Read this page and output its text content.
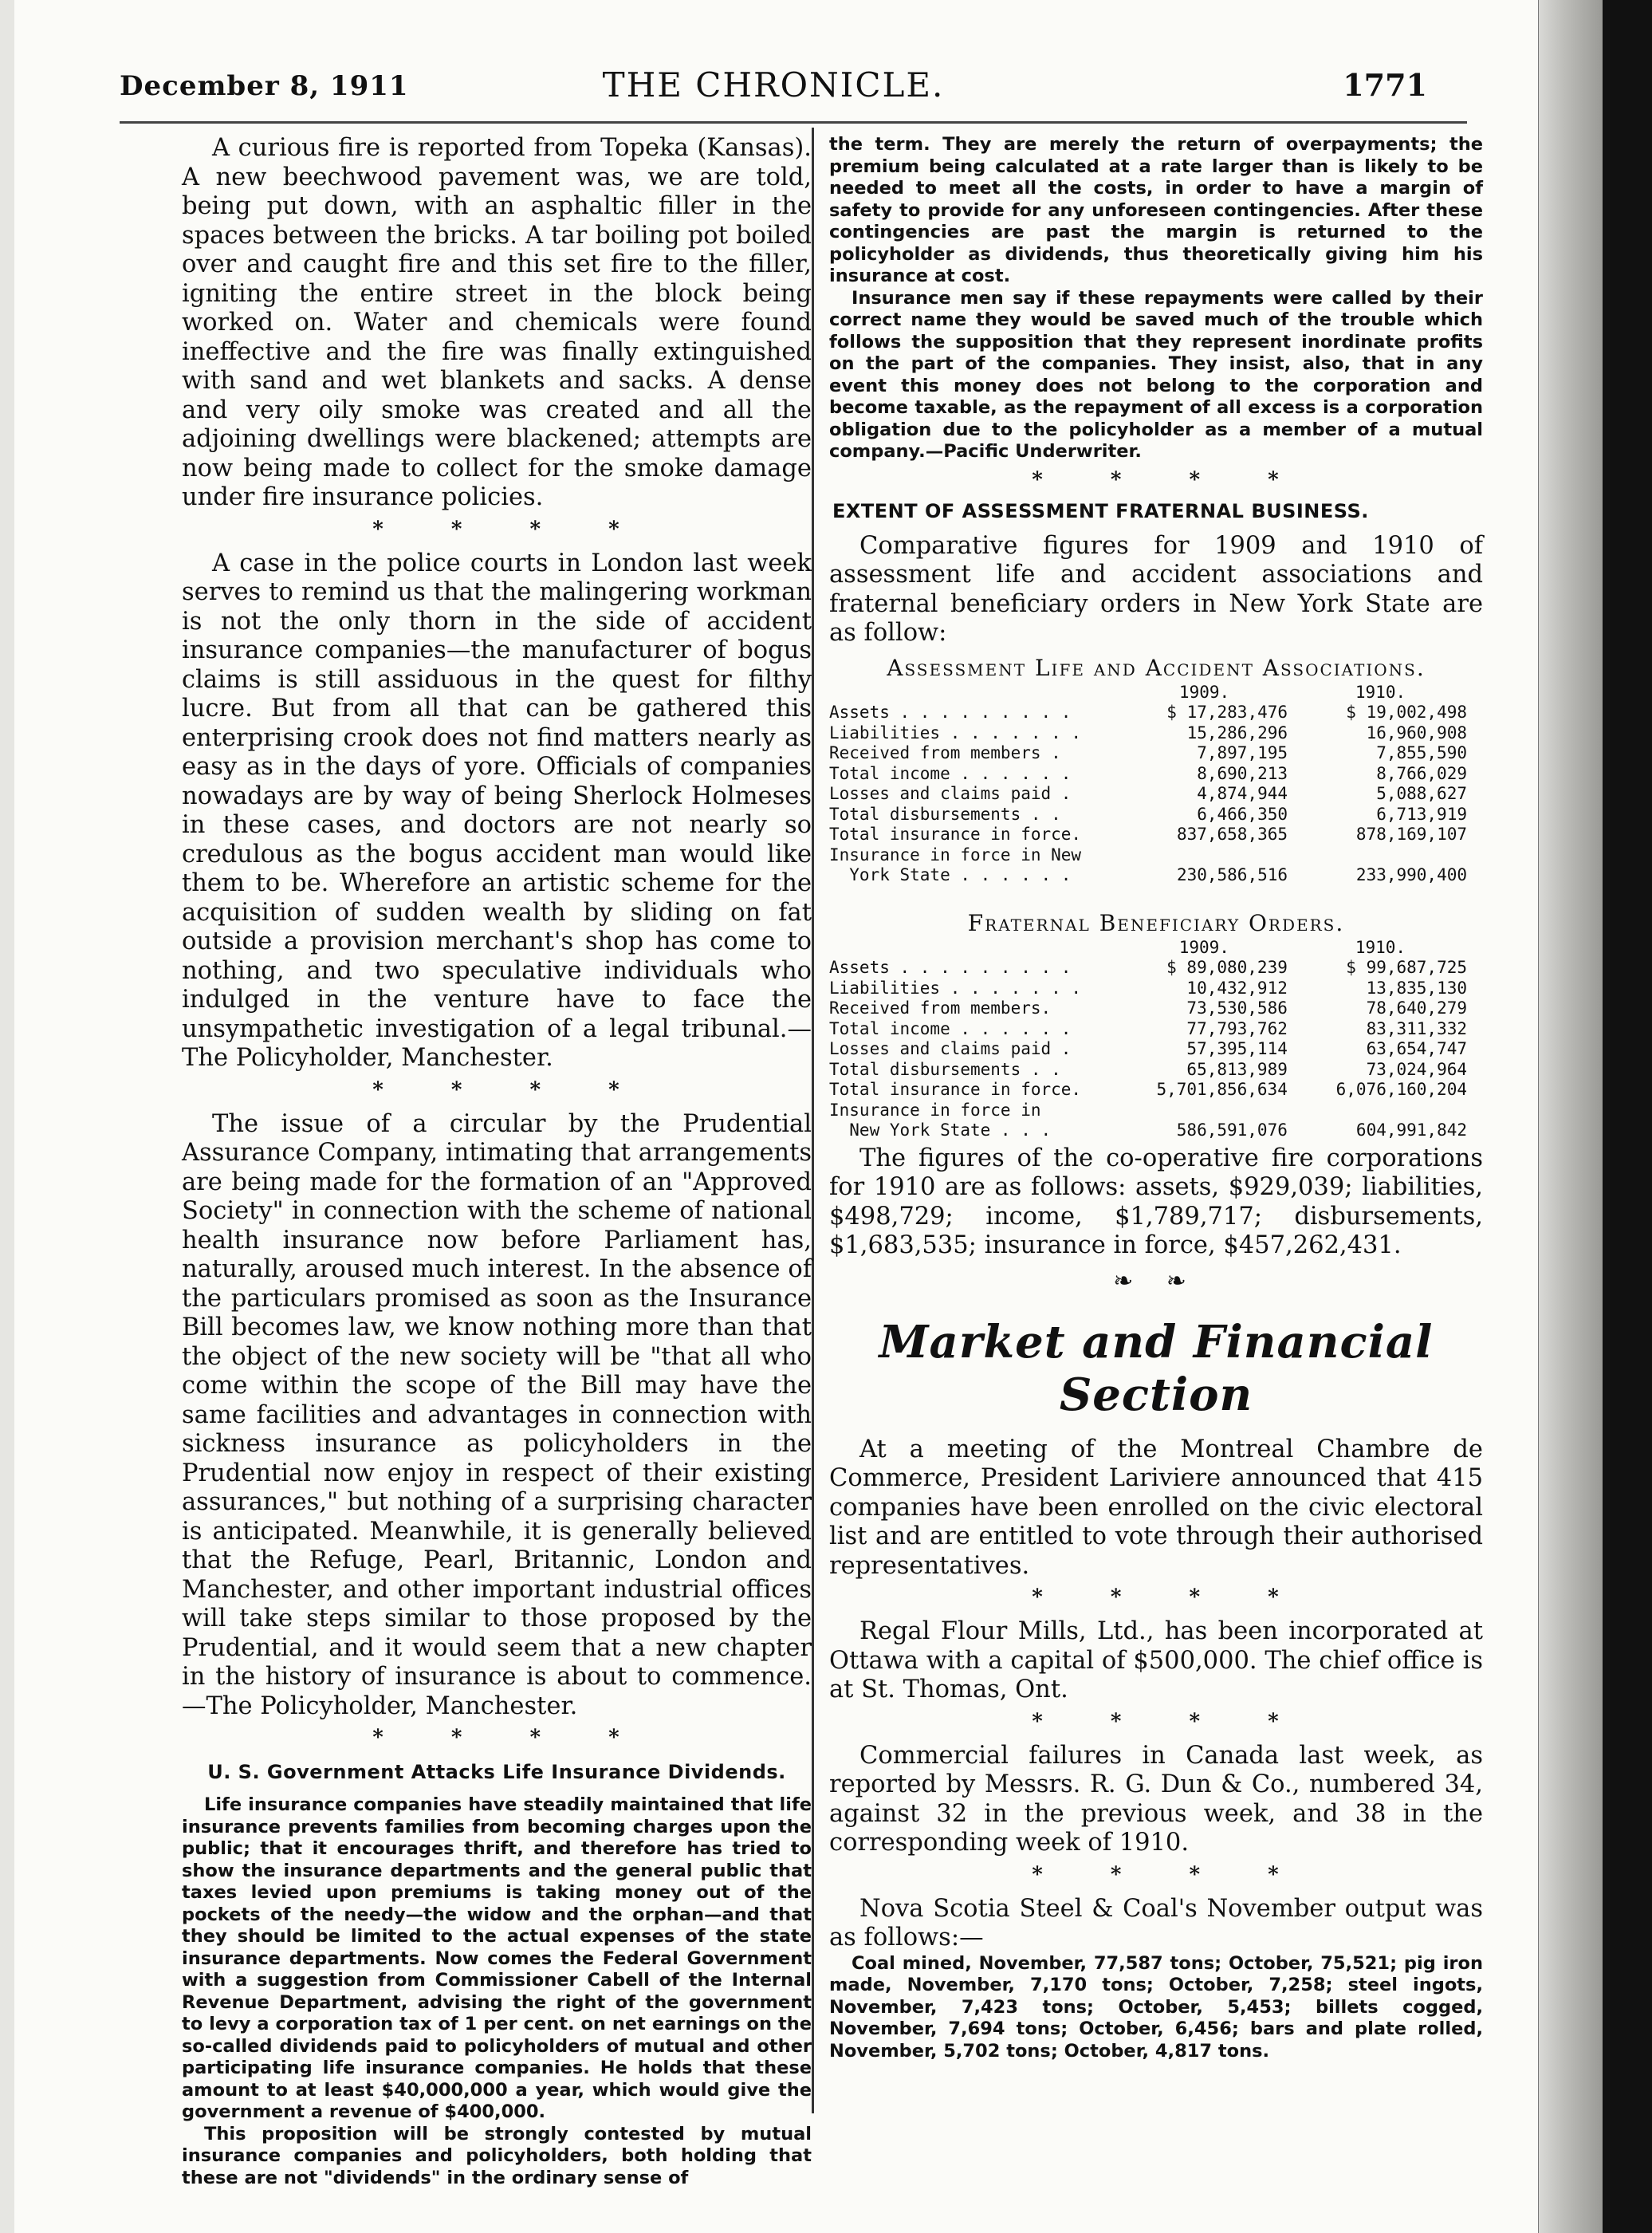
December 8, 1911	THE CHRONICLE.	1771

A curious fire is reported from Topeka (Kansas). A new beechwood pavement was, we are told, being put down, with an asphaltic filler in the spaces between the bricks. A tar boiling pot boiled over and caught fire and this set fire to the filler, igniting the entire street in the block being worked on. Water and chemicals were found ineffective and the fire was finally extinguished with sand and wet blankets and sacks. A dense and very oily smoke was created and all the adjoining dwellings were blackened; attempts are now being made to collect for the smoke damage under fire insurance policies.

* * * *

A case in the police courts in London last week serves to remind us that the malingering workman is not the only thorn in the side of accident insurance companies—the manufacturer of bogus claims is still assiduous in the quest for filthy lucre. But from all that can be gathered this enterprising crook does not find matters nearly as easy as in the days of yore. Officials of companies nowadays are by way of being Sherlock Holmeses in these cases, and doctors are not nearly so credulous as the bogus accident man would like them to be. Wherefore an artistic scheme for the acquisition of sudden wealth by sliding on fat outside a provision merchant's shop has come to nothing, and two speculative individuals who indulged in the venture have to face the unsympathetic investigation of a legal tribunal.—The Policyholder, Manchester.

* * * *

The issue of a circular by the Prudential Assurance Company, intimating that arrangements are being made for the formation of an "Approved Society" in connection with the scheme of national health insurance now before Parliament has, naturally, aroused much interest. In the absence of the particulars promised as soon as the Insurance Bill becomes law, we know nothing more than that the object of the new society will be "that all who come within the scope of the Bill may have the same facilities and advantages in connection with sickness insurance as policyholders in the Prudential now enjoy in respect of their existing assurances," but nothing of a surprising character is anticipated. Meanwhile, it is generally believed that the Refuge, Pearl, Britannic, London and Manchester, and other important industrial offices will take steps similar to those proposed by the Prudential, and it would seem that a new chapter in the history of insurance is about to commence.—The Policyholder, Manchester.

* * * *
U. S. Government Attacks Life Insurance Dividends.

Life insurance companies have steadily maintained that life insurance prevents families from becoming charges upon the public; that it encourages thrift, and therefore has tried to show the insurance departments and the general public that taxes levied upon premiums is taking money out of the pockets of the needy—the widow and the orphan—and that they should be limited to the actual expenses of the state insurance departments. Now comes the Federal Government with a suggestion from Commissioner Cabell of the Internal Revenue Department, advising the right of the government to levy a corporation tax of 1 per cent. on net earnings on the so-called dividends paid to policyholders of mutual and other participating life insurance companies. He holds that these amount to at least $40,000,000 a year, which would give the government a revenue of $400,000.

This proposition will be strongly contested by mutual insurance companies and policyholders, both holding that these are not "dividends" in the ordinary sense of

the term. They are merely the return of overpayments; the premium being calculated at a rate larger than is likely to be needed to meet all the costs, in order to have a margin of safety to provide for any unforeseen contingencies. After these contingencies are past the margin is returned to the policyholder as dividends, thus theoretically giving him his insurance at cost.

Insurance men say if these repayments were called by their correct name they would be saved much of the trouble which follows the supposition that they represent inordinate profits on the part of the companies. They insist, also, that in any event this money does not belong to the corporation and become taxable, as the repayment of all excess is a corporation obligation due to the policyholder as a member of a mutual company.—Pacific Underwriter.

* * * *
EXTENT OF ASSESSMENT FRATERNAL BUSINESS.

Comparative figures for 1909 and 1910 of assessment life and accident associations and fraternal beneficiary orders in New York State are as follow:

Assessment Life and Accident Associations.
	1909.	1910.
Assets . . . . . . . . .	$ 17,283,476	$ 19,002,498
Liabilities . . . . . . .	15,286,296	16,960,908
Received from members .	7,897,195	7,855,590
Total income . . . . . .	8,690,213	8,766,029
Losses and claims paid .	4,874,944	5,088,627
Total disbursements . .	6,466,350	6,713,919
Total insurance in force.	837,658,365	878,169,107
Insurance in force in New		
York State . . . . . .	230,586,516	233,990,400
Fraternal Beneficiary Orders.
	1909.	1910.
Assets . . . . . . . . .	$ 89,080,239	$ 99,687,725
Liabilities . . . . . . .	10,432,912	13,835,130
Received from members.	73,530,586	78,640,279
Total income . . . . . .	77,793,762	83,311,332
Losses and claims paid .	57,395,114	63,654,747
Total disbursements . .	65,813,989	73,024,964
Total insurance in force.	5,701,856,634	6,076,160,204
Insurance in force in		
New York State . . .	586,591,076	604,991,842

The figures of the co-operative fire corporations for 1910 are as follows: assets, $929,039; liabilities, $498,729; income, $1,789,717; disbursements, $1,683,535; insurance in force, $457,262,431.

❧ ❧
Market and Financial Section

At a meeting of the Montreal Chambre de Commerce, President Lariviere announced that 415 companies have been enrolled on the civic electoral list and are entitled to vote through their authorised representatives.

* * * *

Regal Flour Mills, Ltd., has been incorporated at Ottawa with a capital of $500,000. The chief office is at St. Thomas, Ont.

* * * *

Commercial failures in Canada last week, as reported by Messrs. R. G. Dun & Co., numbered 34, against 32 in the previous week, and 38 in the corresponding week of 1910.

* * * *

Nova Scotia Steel & Coal's November output was as follows:—

Coal mined, November, 77,587 tons; October, 75,521; pig iron made, November, 7,170 tons; October, 7,258; steel ingots, November, 7,423 tons; October, 5,453; billets cogged, November, 7,694 tons; October, 6,456; bars and plate rolled, November, 5,702 tons; October, 4,817 tons.
